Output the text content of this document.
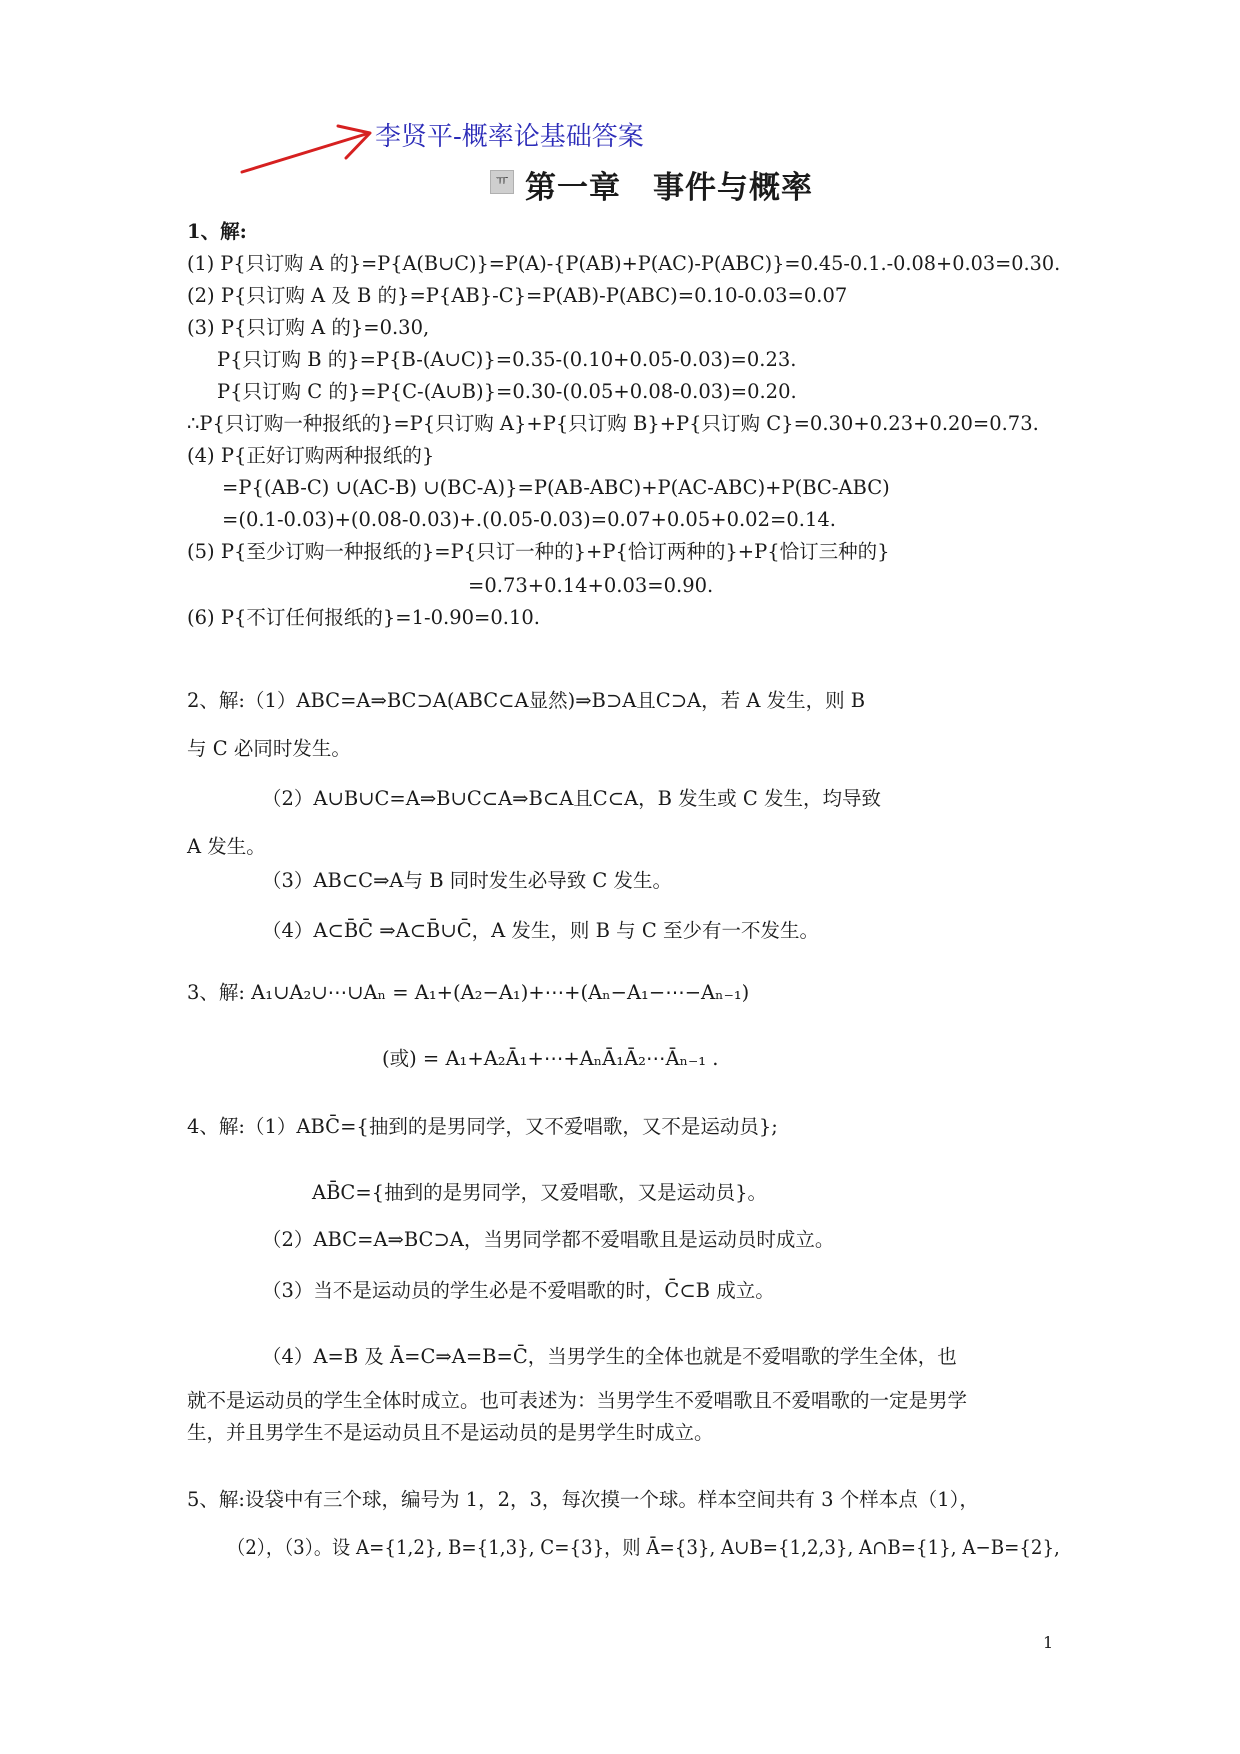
李贤平-概率论基础答案
ㅠ 第一章　事件与概率
1、解:
(1) P{只订购 A 的}=P{A(B∪C)}=P(A)-{P(AB)+P(AC)-P(ABC)}=0.45-0.1.-0.08+0.03=0.30.
(2) P{只订购 A 及 B 的}=P{AB}-C}=P(AB)-P(ABC)=0.10-0.03=0.07
(3) P{只订购 A 的}=0.30,
P{只订购 B 的}=P{B-(A∪C)}=0.35-(0.10+0.05-0.03)=0.23.
P{只订购 C 的}=P{C-(A∪B)}=0.30-(0.05+0.08-0.03)=0.20.
∴P{只订购一种报纸的}=P{只订购 A}+P{只订购 B}+P{只订购 C}=0.30+0.23+0.20=0.73.
(4) P{正好订购两种报纸的}
=P{(AB-C) ∪(AC-B) ∪(BC-A)}=P(AB-ABC)+P(AC-ABC)+P(BC-ABC)
=(0.1-0.03)+(0.08-0.03)+.(0.05-0.03)=0.07+0.05+0.02=0.14.
(5) P{至少订购一种报纸的}=P{只订一种的}+P{恰订两种的}+P{恰订三种的}
=0.73+0.14+0.03=0.90.
(6) P{不订任何报纸的}=1-0.90=0.10.
2、解:（1）ABC=A⇒BC⊃A(ABC⊂A显然)⇒B⊃A且C⊃A，若 A 发生，则 B
与 C 必同时发生。
（2）A∪B∪C=A⇒B∪C⊂A⇒B⊂A且C⊂A，B 发生或 C 发生，均导致
A 发生。
（3）AB⊂C⇒A与 B 同时发生必导致 C 发生。
（4）A⊂B̄C̄ ⇒A⊂B̄∪C̄，A 发生，则 B 与 C 至少有一不发生。
3、解: A₁∪A₂∪⋯∪Aₙ = A₁+(A₂−A₁)+⋯+(Aₙ−A₁−⋯−Aₙ₋₁)
(或) = A₁+A₂Ā₁+⋯+AₙĀ₁Ā₂⋯Āₙ₋₁ .
4、解:（1）ABC̄={抽到的是男同学，又不爱唱歌，又不是运动员};
AB̄C={抽到的是男同学，又爱唱歌，又是运动员}。
（2）ABC=A⇒BC⊃A，当男同学都不爱唱歌且是运动员时成立。
（3）当不是运动员的学生必是不爱唱歌的时，C̄⊂B 成立。
（4）A=B 及 Ā=C⇒A=B=C̄，当男学生的全体也就是不爱唱歌的学生全体，也
就不是运动员的学生全体时成立。也可表述为：当男学生不爱唱歌且不爱唱歌的一定是男学
生，并且男学生不是运动员且不是运动员的是男学生时成立。
5、解:设袋中有三个球，编号为 1，2，3，每次摸一个球。样本空间共有 3 个样本点（1），
（2），（3）。设 A={1,2}, B={1,3}, C={3}，则 Ā={3}, A∪B={1,2,3}, A∩B={1}, A−B={2},
1
